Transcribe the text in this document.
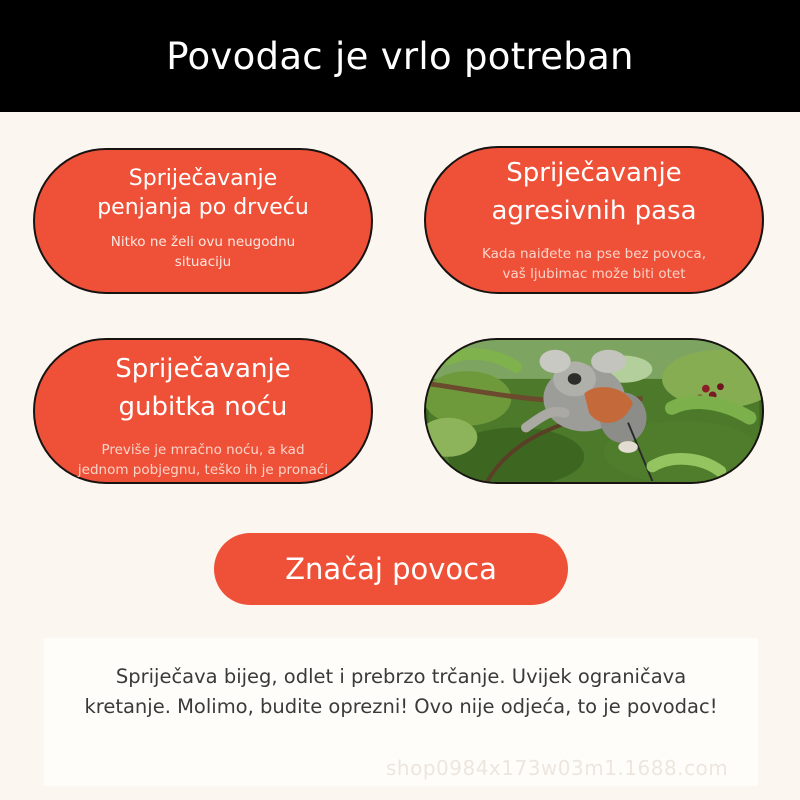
Povodac je vrlo potreban
Spriječavanje
penjanja po drveću
Nitko ne želi ovu neugodnu
situaciju
Spriječavanje
agresivnih pasa
Kada naiđete na pse bez povoca,
vaš ljubimac može biti otet
Spriječavanje
gubitka noću
Previše je mračno noću, a kad
jednom pobjegnu, teško ih je pronaći
Značaj povoca

Spriječava bijeg, odlet i prebrzo trčanje. Uvijek ograničava
kretanje. Molimo, budite oprezni! Ovo nije odjeća, to je povodac!

shop0984x173w03m1.1688.com
